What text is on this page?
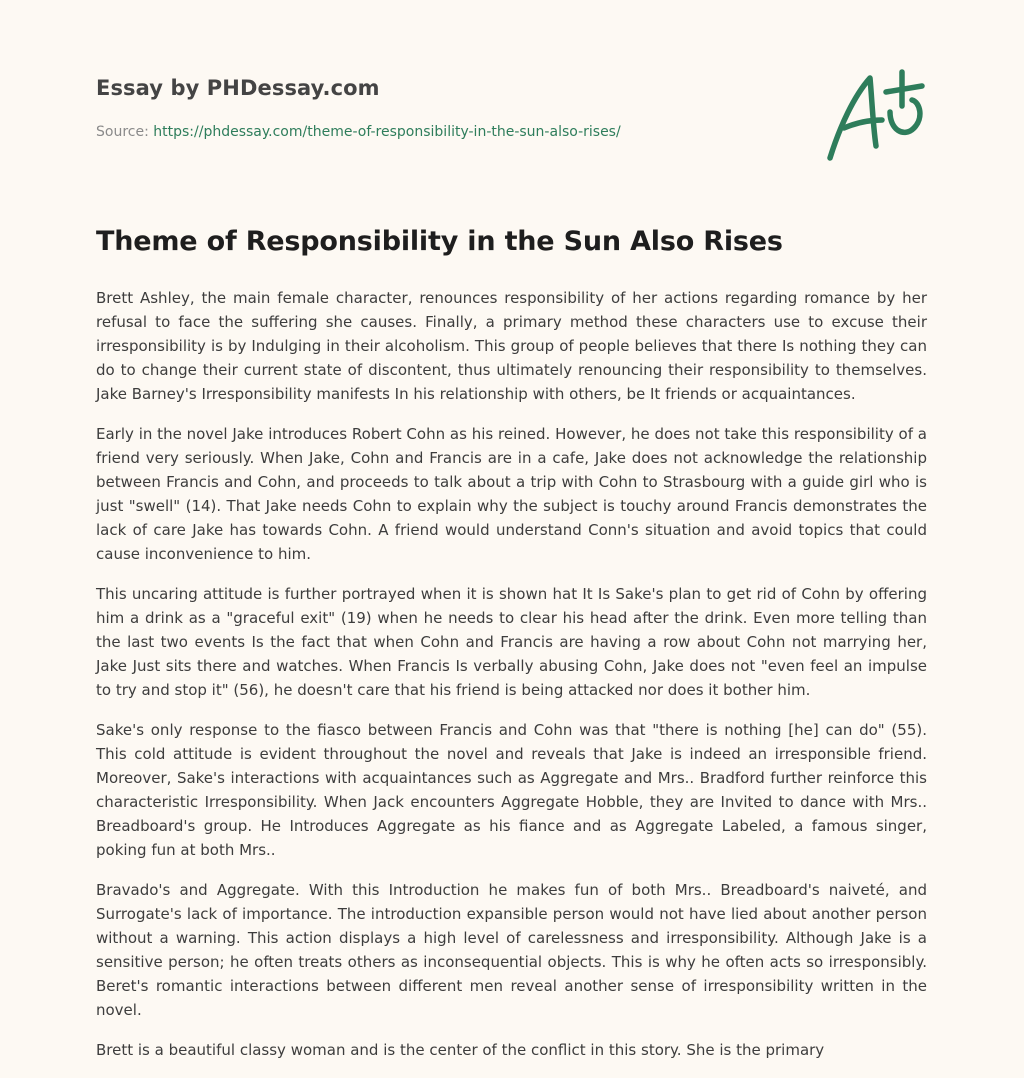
Essay by PHDessay.com
Source: https://phdessay.com/theme-of-responsibility-in-the-sun-also-rises/
Theme of Responsibility in the Sun Also Rises

Brett Ashley, the main female character, renounces responsibility of her actions regarding romance by her refusal to face the suffering she causes. Finally, a primary method these characters use to excuse their irresponsibility is by Indulging in their alcoholism. This group of people believes that there Is nothing they can do to change their current state of discontent, thus ultimately renouncing their responsibility to themselves. Jake Barney's Irresponsibility manifests In his relationship with others, be It friends or acquaintances.

Early in the novel Jake introduces Robert Cohn as his reined. However, he does not take this responsibility of a friend very seriously. When Jake, Cohn and Francis are in a cafe, Jake does not acknowledge the relationship between Francis and Cohn, and proceeds to talk about a trip with Cohn to Strasbourg with a guide girl who is just "swell" (14). That Jake needs Cohn to explain why the subject is touchy around Francis demonstrates the lack of care Jake has towards Cohn. A friend would understand Conn's situation and avoid topics that could cause inconvenience to him.

This uncaring attitude is further portrayed when it is shown hat It Is Sake's plan to get rid of Cohn by offering him a drink as a "graceful exit" (19) when he needs to clear his head after the drink. Even more telling than the last two events Is the fact that when Cohn and Francis are having a row about Cohn not marrying her, Jake Just sits there and watches. When Francis Is verbally abusing Cohn, Jake does not "even feel an impulse to try and stop it" (56), he doesn't care that his friend is being attacked nor does it bother him.

Sake's only response to the fiasco between Francis and Cohn was that "there is nothing [he] can do" (55). This cold attitude is evident throughout the novel and reveals that Jake is indeed an irresponsible friend. Moreover, Sake's interactions with acquaintances such as Aggregate and Mrs.. Bradford further reinforce this characteristic Irresponsibility. When Jack encounters Aggregate Hobble, they are Invited to dance with Mrs.. Breadboard's group. He Introduces Aggregate as his fiance and as Aggregate Labeled, a famous singer, poking fun at both Mrs..

Bravado's and Aggregate. With this Introduction he makes fun of both Mrs.. Breadboard's naiveté, and Surrogate's lack of importance. The introduction expansible person would not have lied about another person without a warning. This action displays a high level of carelessness and irresponsibility. Although Jake is a sensitive person; he often treats others as inconsequential objects. This is why he often acts so irresponsibly. Beret's romantic interactions between different men reveal another sense of irresponsibility written in the novel.

Brett is a beautiful classy woman and is the center of the conflict in this story. She is the primary
